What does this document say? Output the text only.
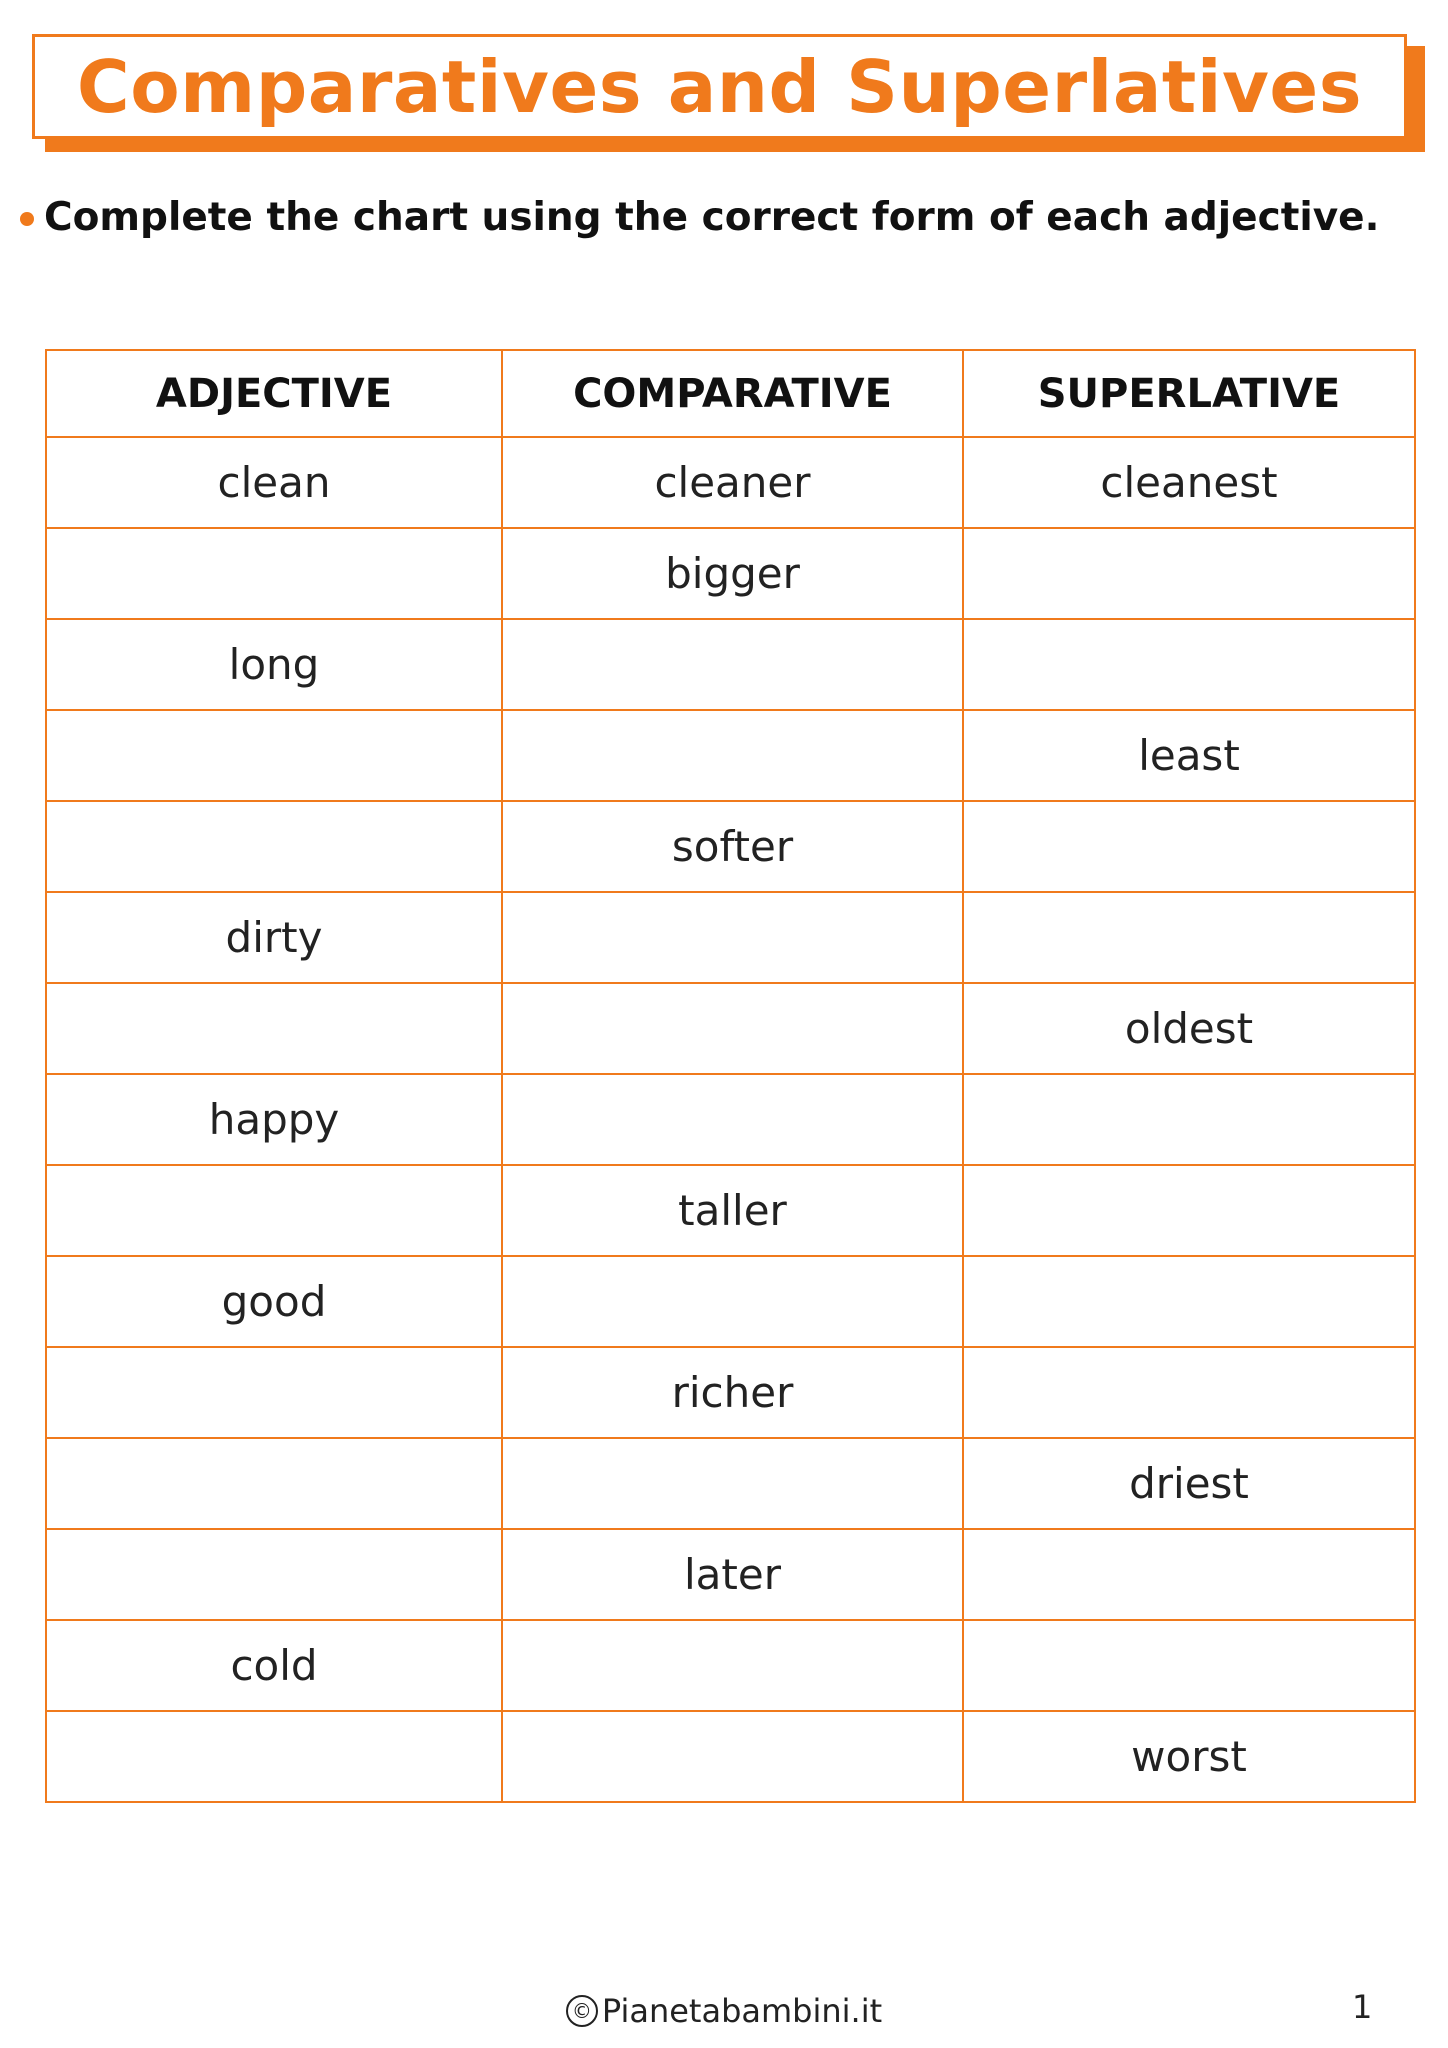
Comparatives and Superlatives
Complete the chart using the correct form of each adjective.
ADJECTIVE	COMPARATIVE	SUPERLATIVE
clean	cleaner	cleanest
	bigger	
long		
		least
	softer	
dirty		
		oldest
happy		
	taller	
good		
	richer	
		driest
	later	
cold		
		worst
© Pianetabambini.it	1
